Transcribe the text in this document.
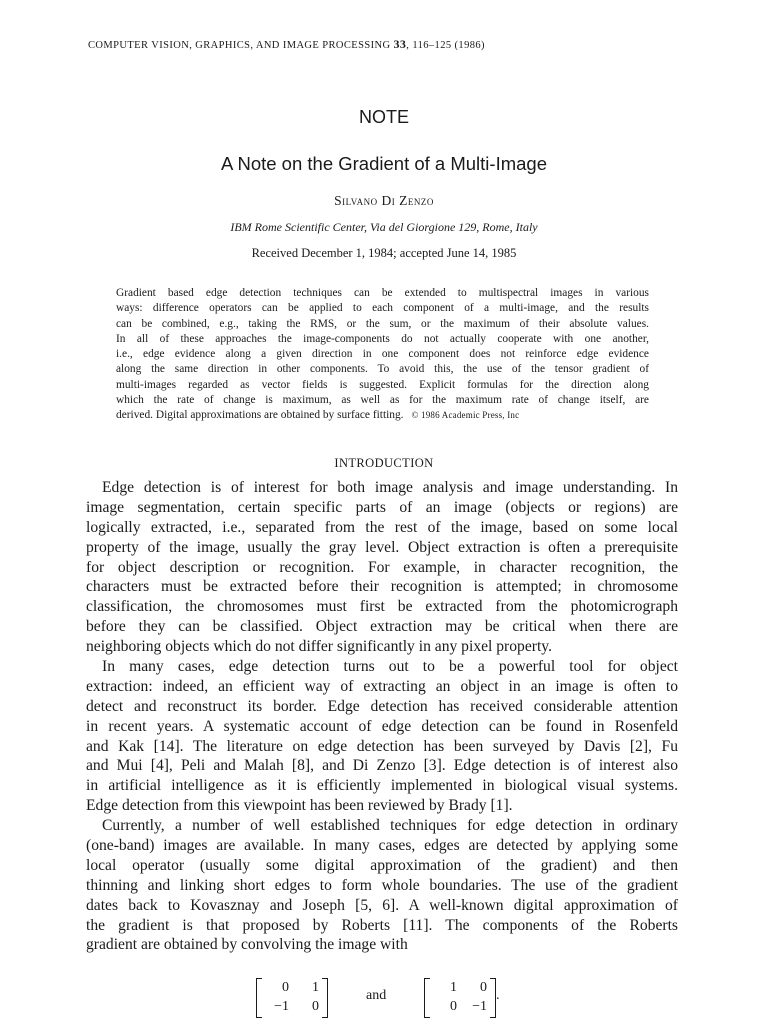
COMPUTER VISION, GRAPHICS, AND IMAGE PROCESSING 33, 116–125 (1986)
NOTE
A Note on the Gradient of a Multi-Image
Silvano Di Zenzo
IBM Rome Scientific Center, Via del Giorgione 129, Rome, Italy
Received December 1, 1984; accepted June 14, 1985
Gradient based edge detection techniques can be extended to multispectral images in various
ways: difference operators can be applied to each component of a multi-image, and the results
can be combined, e.g., taking the RMS, or the sum, or the maximum of their absolute values.
In all of these approaches the image-components do not actually cooperate with one another,
i.e., edge evidence along a given direction in one component does not reinforce edge evidence
along the same direction in other components. To avoid this, the use of the tensor gradient of
multi-images regarded as vector fields is suggested. Explicit formulas for the direction along
which the rate of change is maximum, as well as for the maximum rate of change itself, are
derived. Digital approximations are obtained by surface fitting. © 1986 Academic Press, Inc
INTRODUCTION
Edge detection is of interest for both image analysis and image understanding. In
image segmentation, certain specific parts of an image (objects or regions) are
logically extracted, i.e., separated from the rest of the image, based on some local
property of the image, usually the gray level. Object extraction is often a prerequisite
for object description or recognition. For example, in character recognition, the
characters must be extracted before their recognition is attempted; in chromosome
classification, the chromosomes must first be extracted from the photomicrograph
before they can be classified. Object extraction may be critical when there are
neighboring objects which do not differ significantly in any pixel property.
In many cases, edge detection turns out to be a powerful tool for object
extraction: indeed, an efficient way of extracting an object in an image is often to
detect and reconstruct its border. Edge detection has received considerable attention
in recent years. A systematic account of edge detection can be found in Rosenfeld
and Kak [14]. The literature on edge detection has been surveyed by Davis [2], Fu
and Mui [4], Peli and Malah [8], and Di Zenzo [3]. Edge detection is of interest also
in artificial intelligence as it is efficiently implemented in biological visual systems.
Edge detection from this viewpoint has been reviewed by Brady [1].
Currently, a number of well established techniques for edge detection in ordinary
(one-band) images are available. In many cases, edges are detected by applying some
local operator (usually some digital approximation of the gradient) and then
thinning and linking short edges to form whole boundaries. The use of the gradient
dates back to Kovasznay and Joseph [5, 6]. A well-known digital approximation of
the gradient is that proposed by Roberts [11]. The components of the Roberts
gradient are obtained by convolving the image with
0	1
−1	0
and
1	0
0	−1
.
